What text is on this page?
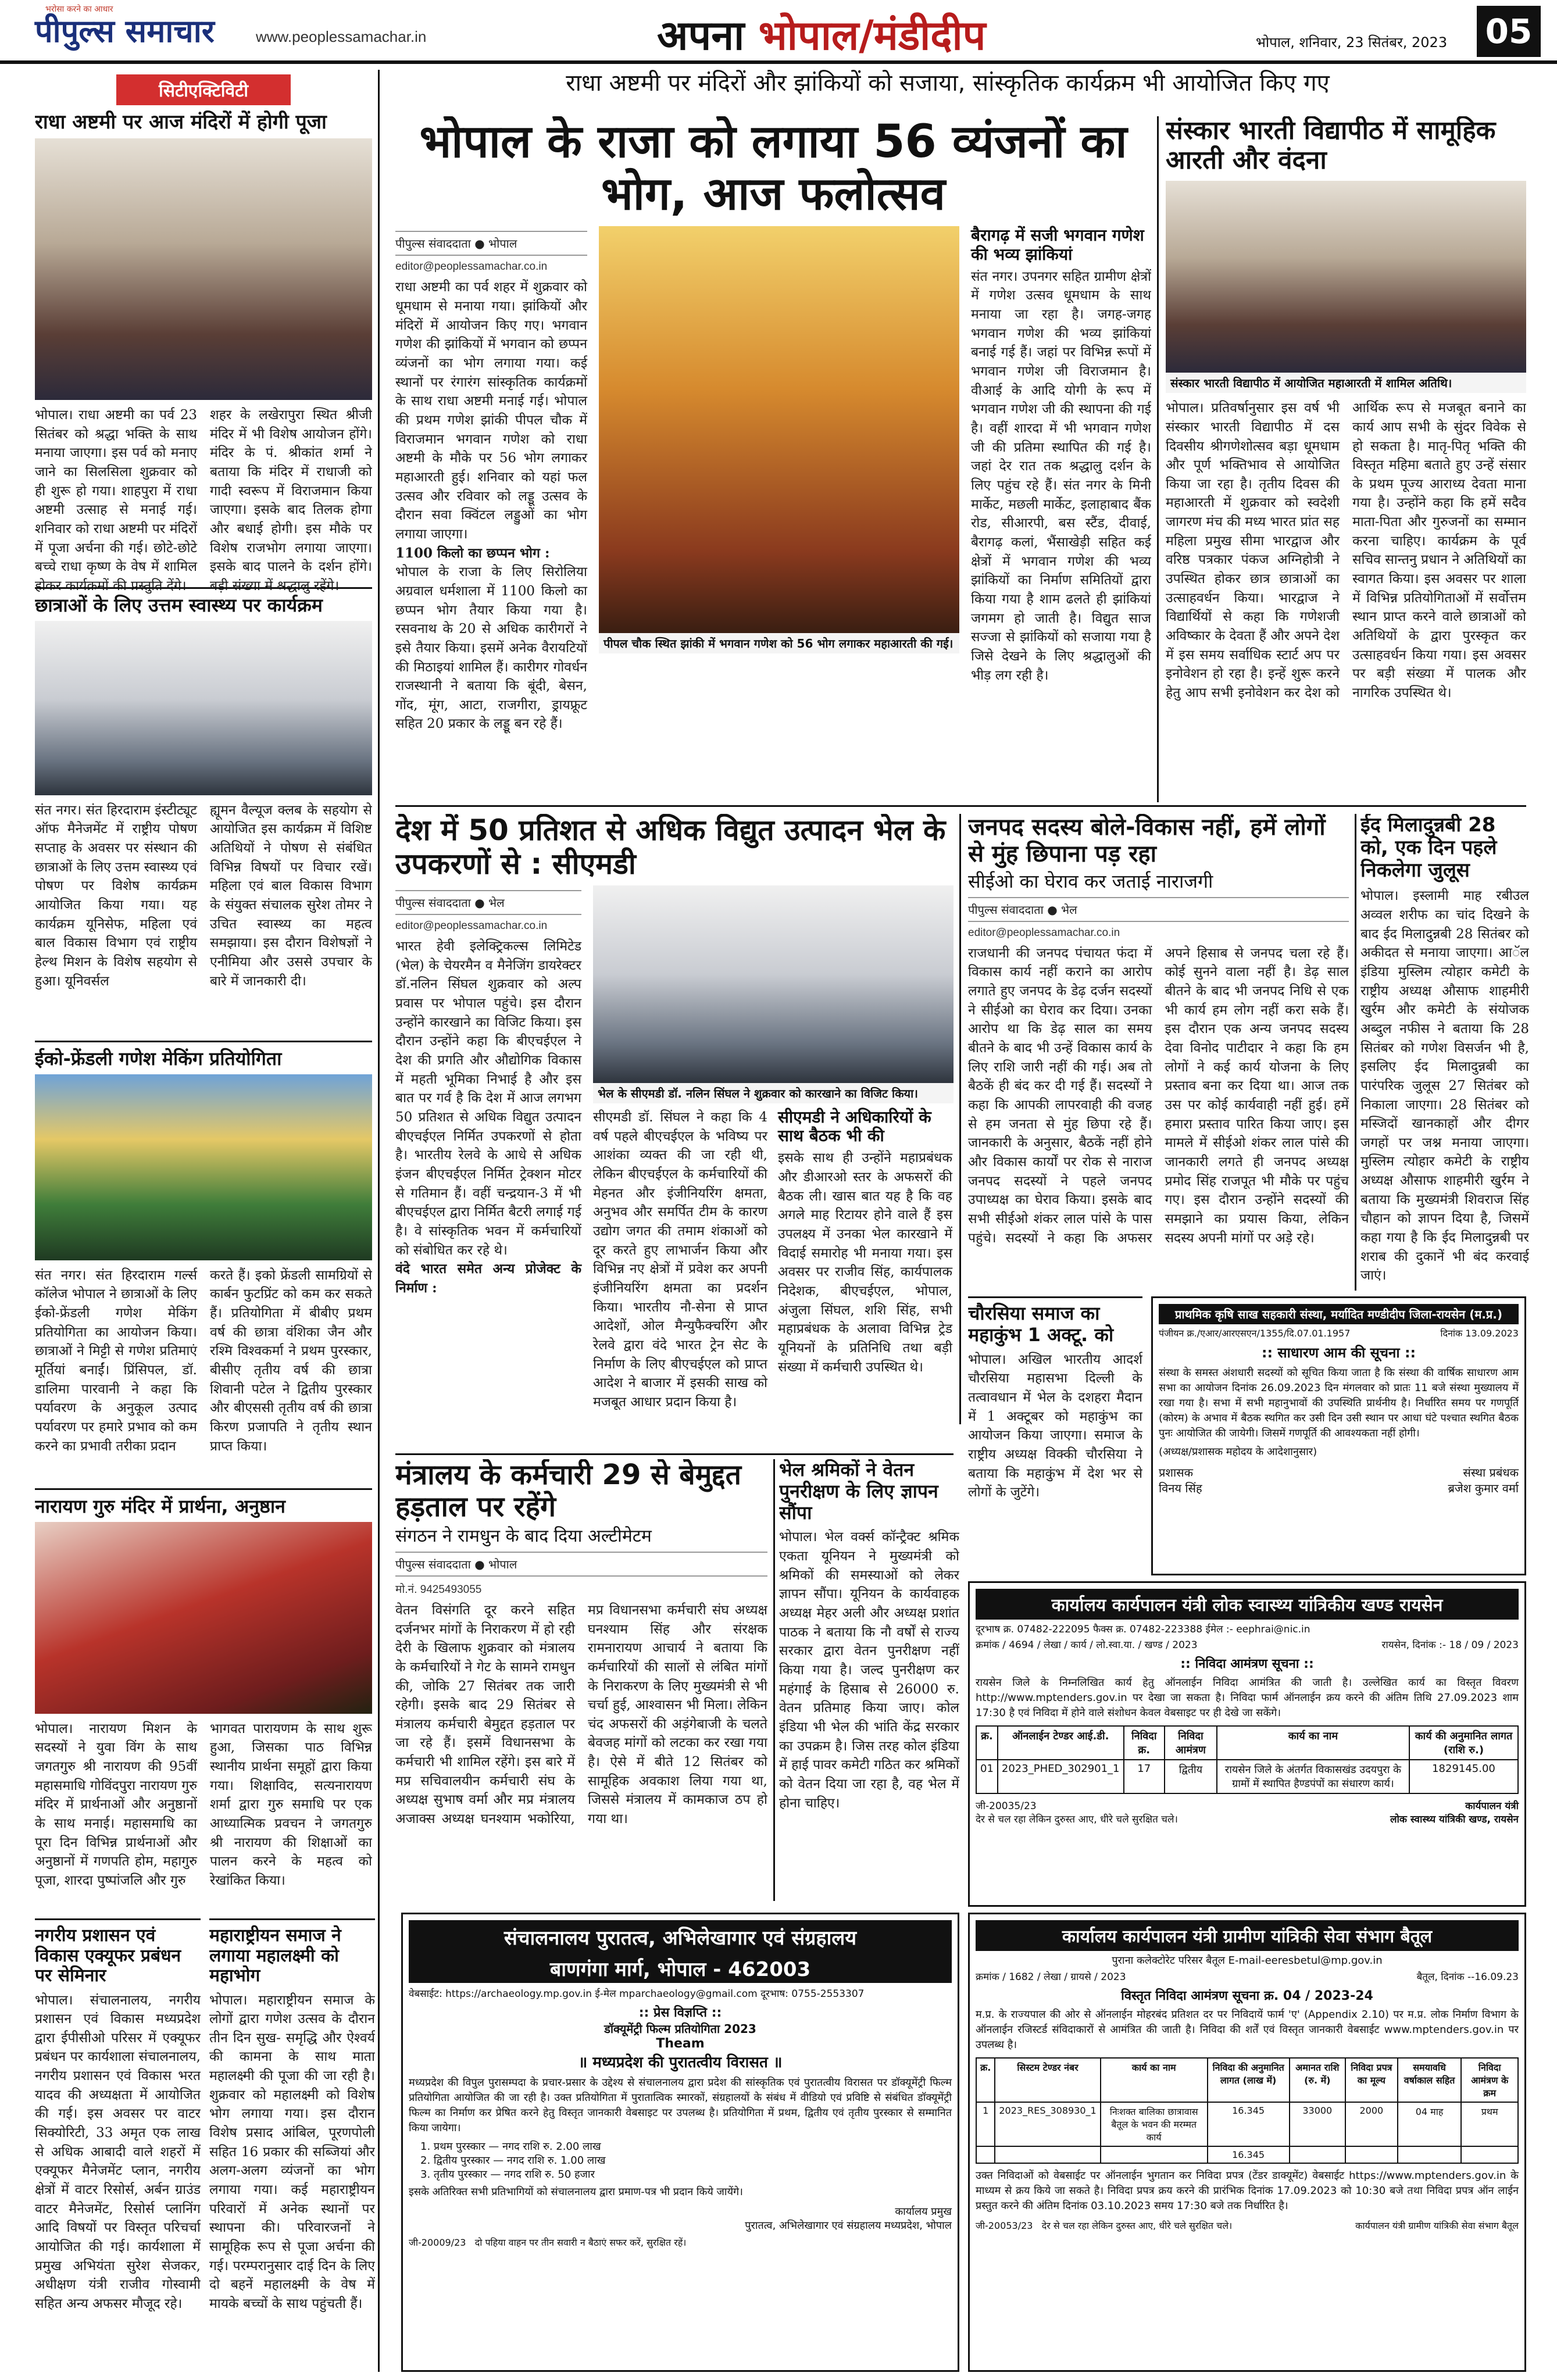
भरोसा करने का आधार
पीपुल्स समाचार	www.peoplessamachar.in	अपना भोपाल/मंडीदीप	भोपाल, शनिवार, 23 सितंबर, 2023 05
सिटीएक्टिविटी
राधा अष्टमी पर आज मंदिरों में होगी पूजा

भोपाल। राधा अष्टमी का पर्व 23 सितंबर को श्रद्धा भक्ति के साथ मनाया जाएगा। इस पर्व को मनाए जाने का सिलसिला शुक्रवार को ही शुरू हो गया। शाहपुरा में राधा अष्टमी उत्साह से मनाई गई। शनिवार को राधा अष्टमी पर मंदिरों में पूजा अर्चना की गई। छोटे-छोटे बच्चे राधा कृष्ण के वेष में शामिल होकर कार्यक्रमों की प्रस्तुति देंगे।

शहर के लखेरापुरा स्थित श्रीजी मंदिर में भी विशेष आयोजन होंगे। मंदिर के पं. श्रीकांत शर्मा ने बताया कि मंदिर में राधाजी को गादी स्वरूप में विराजमान किया जाएगा। इसके बाद तिलक होगा और बधाई होगी। इस मौके पर विशेष राजभोग लगाया जाएगा। इसके बाद पालने के दर्शन होंगे। बड़ी संख्या में श्रद्धालु रहेंगे।

छात्राओं के लिए उत्तम स्वास्थ्य पर कार्यक्रम

संत नगर। संत हिरदाराम इंस्टीट्यूट ऑफ मैनेजमेंट में राष्ट्रीय पोषण सप्ताह के अवसर पर संस्थान की छात्राओं के लिए उत्तम स्वास्थ्य एवं पोषण पर विशेष कार्यक्रम आयोजित किया गया। यह कार्यक्रम यूनिसेफ, महिला एवं बाल विकास विभाग एवं राष्ट्रीय हेल्थ मिशन के विशेष सहयोग से हुआ। यूनिवर्सल

ह्यूमन वैल्यूज क्लब के सहयोग से आयोजित इस कार्यक्रम में विशिष्ट अतिथियों ने पोषण से संबंधित विभिन्न विषयों पर विचार रखें। महिला एवं बाल विकास विभाग के संयुक्त संचालक सुरेश तोमर ने उचित स्वास्थ्य का महत्व समझाया। इस दौरान विशेषज्ञों ने एनीमिया और उससे उपचार के बारे में जानकारी दी।

ईको-फ्रेंडली गणेश मेकिंग प्रतियोगिता

संत नगर। संत हिरदाराम गर्ल्स कॉलेज भोपाल ने छात्राओं के लिए ईको-फ्रेंडली गणेश मेकिंग प्रतियोगिता का आयोजन किया। छात्राओं ने मिट्टी से गणेश प्रतिमाएं मूर्तियां बनाईं। प्रिंसिपल, डॉ. डालिमा पारवानी ने कहा कि पर्यावरण के अनुकूल उत्पाद पर्यावरण पर हमारे प्रभाव को कम करने का प्रभावी तरीका प्रदान

करते हैं। इको फ्रेंडली सामग्रियों से कार्बन फुटप्रिंट को कम कर सकते हैं। प्रतियोगिता में बीबीए प्रथम वर्ष की छात्रा वंशिका जैन और रश्मि विश्वकर्मा ने प्रथम पुरस्कार, बीसीए तृतीय वर्ष की छात्रा शिवानी पटेल ने द्वितीय पुरस्कार और बीएससी तृतीय वर्ष की छात्रा किरण प्रजापति ने तृतीय स्थान प्राप्त किया।

नारायण गुरु मंदिर में प्रार्थना, अनुष्ठान

भोपाल। नारायण मिशन के सदस्यों ने युवा विंग के साथ जगतगुरु श्री नारायण की 95वीं महासमाधि गोविंदपुरा नारायण गुरु मंदिर में प्रार्थनाओं और अनुष्ठानों के साथ मनाई। महासमाधि का पूरा दिन विभिन्न प्रार्थनाओं और अनुष्ठानों में गणपति होम, महागुरु पूजा, शारदा पुष्पांजलि और गुरु

भागवत पारायणम के साथ शुरू हुआ, जिसका पाठ विभिन्न स्थानीय प्रार्थना समूहों द्वारा किया गया। शिक्षाविद, सत्यनारायण शर्मा द्वारा गुरु समाधि पर एक आध्यात्मिक प्रवचन ने जगतगुरु श्री नारायण की शिक्षाओं का पालन करने के महत्व को रेखांकित किया।

नगरीय प्रशासन एवं विकास एक्यूफर प्रबंधन पर सेमिनार

भोपाल। संचालनालय, नगरीय प्रशासन एवं विकास मध्यप्रदेश द्वारा ईपीसीओ परिसर में एक्यूफर प्रबंधन पर कार्यशाला संचालनालय, नगरीय प्रशासन एवं विकास भरत यादव की अध्यक्षता में आयोजित की गई। इस अवसर पर वाटर सिक्योरिटी, 33 अमृत एक लाख से अधिक आबादी वाले शहरों में एक्यूफर मैनेजमेंट प्लान, नगरीय क्षेत्रों में वाटर रिसोर्स, अर्बन ग्राउंड वाटर मैनेजमेंट, रिसोर्स प्लानिंग आदि विषयों पर विस्तृत परिचर्चा आयोजित की गई। कार्यशाला में प्रमुख अभियंता सुरेश सेजकर, अधीक्षण यंत्री राजीव गोस्वामी सहित अन्य अफसर मौजूद रहे।

महाराष्ट्रीयन समाज ने लगाया महालक्ष्मी को महाभोग

भोपाल। महाराष्ट्रीयन समाज के लोगों द्वारा गणेश उत्सव के दौरान तीन दिन सुख- समृद्धि और ऐश्वर्य की कामना के साथ माता महालक्ष्मी की पूजा की जा रही है। शुक्रवार को महालक्ष्मी को विशेष भोग लगाया गया। इस दौरान विशेष प्रसाद आंबिल, पूरणपोली सहित 16 प्रकार की सब्जियां और अलग-अलग व्यंजनों का भोग लगाया गया। कई महाराष्ट्रीयन परिवारों में अनेक स्थानों पर स्थापना की। परिवारजनों ने सामूहिक रूप से पूजा अर्चना की गई। परम्परानुसार दाई दिन के लिए दो बहनें महालक्ष्मी के वेष में मायके बच्चों के साथ पहुंचती हैं।

राधा अष्टमी पर मंदिरों और झांकियों को सजाया, सांस्कृतिक कार्यक्रम भी आयोजित किए गए
भोपाल के राजा को लगाया 56 व्यंजनों का भोग, आज फलोत्सव
पीपुल्स संवाददाता ● भोपाल
editor@peoplessamachar.co.in

राधा अष्टमी का पर्व शहर में शुक्रवार को धूमधाम से मनाया गया। झांकियों और मंदिरों में आयोजन किए गए। भगवान गणेश की झांकियों में भगवान को छप्पन व्यंजनों का भोग लगाया गया। कई स्थानों पर रंगारंग सांस्कृतिक कार्यक्रमों के साथ राधा अष्टमी मनाई गई। भोपाल की प्रथम गणेश झांकी पीपल चौक में विराजमान भगवान गणेश को राधा अष्टमी के मौके पर 56 भोग लगाकर महाआरती हुई। शनिवार को यहां फल उत्सव और रविवार को लड्डू उत्सव के दौरान सवा क्विंटल लड्डुओं का भोग लगाया जाएगा।

1100 किलो का छप्पन भोग :

भोपाल के राजा के लिए सिरोलिया अग्रवाल धर्मशाला में 1100 किलो का छप्पन भोग तैयार किया गया है। रसवनाथ के 20 से अधिक कारीगरों ने इसे तैयार किया। इसमें अनेक वैरायटियों की मिठाइयां शामिल हैं। कारीगर गोवर्धन राजस्थानी ने बताया कि बूंदी, बेसन, गोंद, मूंग, आटा, राजगीरा, ड्रायफ्रूट सहित 20 प्रकार के लड्डू बन रहे हैं।

पीपल चौक स्थित झांकी में भगवान गणेश को 56 भोग लगाकर महाआरती की गई।
बैरागढ़ में सजी भगवान गणेश की भव्य झांकियां

संत नगर। उपनगर सहित ग्रामीण क्षेत्रों में गणेश उत्सव धूमधाम के साथ मनाया जा रहा है। जगह-जगह भगवान गणेश की भव्य झांकियां बनाई गई हैं। जहां पर विभिन्न रूपों में भगवान गणेश जी विराजमान है। वीआई के आदि योगी के रूप में भगवान गणेश जी की स्थापना की गई है। वहीं शारदा में भी भगवान गणेश जी की प्रतिमा स्थापित की गई है। जहां देर रात तक श्रद्धालु दर्शन के लिए पहुंच रहे हैं। संत नगर के मिनी मार्केट, मछली मार्केट, इलाहाबाद बैंक रोड, सीआरपी, बस स्टैंड, दीवाई, बैरागढ़ कलां, भैंसाखेड़ी सहित कई क्षेत्रों में भगवान गणेश की भव्य झांकियों का निर्माण समितियों द्वारा किया गया है शाम ढलते ही झांकियां जगमग हो जाती है। विद्युत साज सज्जा से झांकियों को सजाया गया है जिसे देखने के लिए श्रद्धालुओं की भीड़ लग रही है।

संस्कार भारती विद्यापीठ में सामूहिक आरती और वंदना
संस्कार भारती विद्यापीठ में आयोजित महाआरती में शामिल अतिथि।

भोपाल। प्रतिवर्षानुसार इस वर्ष भी संस्कार भारती विद्यापीठ में दस दिवसीय श्रीगणेशोत्सव बड़ा धूमधाम और पूर्ण भक्तिभाव से आयोजित किया जा रहा है। तृतीय दिवस की महाआरती में शुक्रवार को स्वदेशी जागरण मंच की मध्य भारत प्रांत सह महिला प्रमुख सीमा भारद्वाज और वरिष्ठ पत्रकार पंकज अग्निहोत्री ने उपस्थित होकर छात्र छात्राओं का उत्साहवर्धन किया। भारद्वाज ने विद्यार्थियों से कहा कि गणेशजी अविष्कार के देवता हैं और अपने देश में इस समय सर्वाधिक स्टार्ट अप पर इनोवेशन हो रहा है। इन्हें शुरू करने हेतु आप सभी इनोवेशन कर देश को आर्थिक रूप से मजबूत बनाने का कार्य आप सभी के सुंदर विवेक से हो सकता है। मातृ-पितृ भक्ति की विस्तृत महिमा बताते हुए उन्हें संसार के प्रथम पूज्य आराध्य देवता माना गया है। उन्होंने कहा कि हमें सदैव माता-पिता और गुरुजनों का सम्मान करना चाहिए। कार्यक्रम के पूर्व सचिव सान्तनु प्रधान ने अतिथियों का स्वागत किया। इस अवसर पर शाला में विभिन्न प्रतियोगिताओं में सर्वोत्तम स्थान प्राप्त करने वाले छात्राओं को अतिथियों के द्वारा पुरस्कृत कर उत्साहवर्धन किया गया। इस अवसर पर बड़ी संख्या में पालक और नागरिक उपस्थित थे।

देश में 50 प्रतिशत से अधिक विद्युत उत्पादन भेल के उपकरणों से : सीएमडी
पीपुल्स संवाददाता ● भेल
editor@peoplessamachar.co.in

भारत हेवी इलेक्ट्रिकल्स लिमिटेड (भेल) के चेयरमैन व मैनेजिंग डायरेक्टर डॉ.नलिन सिंघल शुक्रवार को अल्प प्रवास पर भोपाल पहुंचे। इस दौरान उन्होंने कारखाने का विजिट किया। इस दौरान उन्होंने कहा कि बीएचईएल ने देश की प्रगति और औद्योगिक विकास में महती भूमिका निभाई है और इस बात पर गर्व है कि देश में आज लगभग 50 प्रतिशत से अधिक विद्युत उत्पादन बीएचईएल निर्मित उपकरणों से होता है। भारतीय रेलवे के आधे से अधिक इंजन बीएचईएल निर्मित ट्रेक्शन मोटर से गतिमान हैं। वहीं चन्द्रयान-3 में भी बीएचईएल द्वारा निर्मित बैटरी लगाई गई है। वे सांस्कृतिक भवन में कर्मचारियों को संबोधित कर रहे थे।

वंदे भारत समेत अन्य प्रोजेक्ट के निर्माण :

भेल के सीएमडी डॉ. नलिन सिंघल ने शुक्रवार को कारखाने का विजिट किया।

सीएमडी डॉ. सिंघल ने कहा कि 4 वर्ष पहले बीएचईएल के भविष्य पर आशंका व्यक्त की जा रही थी, लेकिन बीएचईएल के कर्मचारियों की मेहनत और इंजीनियरिंग क्षमता, अनुभव और समर्पित टीम के कारण उद्योग जगत की तमाम शंकाओं को दूर करते हुए लाभार्जन किया और विभिन्न नए क्षेत्रों में प्रवेश कर अपनी इंजीनियरिंग क्षमता का प्रदर्शन किया। भारतीय नौ-सेना से प्राप्त आदेशों, ओल मैन्युफैक्चरिंग और रेलवे द्वारा वंदे भारत ट्रेन सेट के निर्माण के लिए बीएचईएल को प्राप्त आदेश ने बाजार में इसकी साख को मजबूत आधार प्रदान किया है।

सीएमडी ने अधिकारियों के साथ बैठक भी की

इसके साथ ही उन्होंने महाप्रबंधक और डीआरओ स्तर के अफसरों की बैठक ली। खास बात यह है कि वह अगले माह रिटायर होने वाले हैं इस उपलक्ष्य में उनका भेल कारखाने में विदाई समारोह भी मनाया गया। इस अवसर पर राजीव सिंह, कार्यपालक निदेशक, बीएचईएल, भोपाल, अंजुला सिंघल, शशि सिंह, सभी महाप्रबंधक के अलावा विभिन्न ट्रेड यूनियनों के प्रतिनिधि तथा बड़ी संख्या में कर्मचारी उपस्थित थे।

जनपद सदस्य बोले-विकास नहीं, हमें लोगों से मुंह छिपाना पड़ रहा
सीईओ का घेराव कर जताई नाराजगी
पीपुल्स संवाददाता ● भेल
editor@peoplessamachar.co.in

राजधानी की जनपद पंचायत फंदा में विकास कार्य नहीं कराने का आरोप लगाते हुए जनपद के डेढ़ दर्जन सदस्यों ने सीईओ का घेराव कर दिया। उनका आरोप था कि डेढ़ साल का समय बीतने के बाद भी उन्हें विकास कार्य के लिए राशि जारी नहीं की गई। अब तो बैठकें ही बंद कर दी गई हैं। सदस्यों ने कहा कि आपकी लापरवाही की वजह से हम जनता से मुंह छिपा रहे हैं। जानकारी के अनुसार, बैठकें नहीं होने और विकास कार्यों पर रोक से नाराज जनपद सदस्यों ने पहले जनपद उपाध्यक्ष का घेराव किया। इसके बाद सभी सीईओ शंकर लाल पांसे के पास पहुंचे। सदस्यों ने कहा कि अफसर अपने हिसाब से जनपद चला रहे हैं। कोई सुनने वाला नहीं है। डेढ़ साल बीतने के बाद भी जनपद निधि से एक भी कार्य हम लोग नहीं करा सके हैं। इस दौरान एक अन्य जनपद सदस्य देवा विनोद पाटीदार ने कहा कि हम लोगों ने कई कार्य योजना के लिए प्रस्ताव बना कर दिया था। आज तक उस पर कोई कार्यवाही नहीं हुई। हमें हमारा प्रस्ताव पारित किया जाए। इस मामले में सीईओ शंकर लाल पांसे की जानकारी लगते ही जनपद अध्यक्ष प्रमोद सिंह राजपूत भी मौके पर पहुंच गए। इस दौरान उन्होंने सदस्यों की समझाने का प्रयास किया, लेकिन सदस्य अपनी मांगों पर अड़े रहे।

ईद मिलादुन्नबी 28 को, एक दिन पहले निकलेगा जुलूस

भोपाल। इस्लामी माह रबीउल अव्वल शरीफ का चांद दिखने के बाद ईद मिलादुन्नबी 28 सितंबर को अकीदत से मनाया जाएगा। आॅल इंडिया मुस्लिम त्योहार कमेटी के राष्ट्रीय अध्यक्ष औसाफ शाहमीरी खुर्रम और कमेटी के संयोजक अब्दुल नफीस ने बताया कि 28 सितंबर को गणेश विसर्जन भी है, इसलिए ईद मिलादुन्नबी का पारंपरिक जुलूस 27 सितंबर को निकाला जाएगा। 28 सितंबर को मस्जिदों खानकाहों और दीगर जगहों पर जश्न मनाया जाएगा। मुस्लिम त्योहार कमेटी के राष्ट्रीय अध्यक्ष औसाफ शाहमीरी खुर्रम ने बताया कि मुख्यमंत्री शिवराज सिंह चौहान को ज्ञापन दिया है, जिसमें कहा गया है कि ईद मिलादुन्नबी पर शराब की दुकानें भी बंद करवाई जाएं।

चौरसिया समाज का महाकुंभ 1 अक्टू. को

भोपाल। अखिल भारतीय आदर्श चौरसिया महासभा दिल्ली के तत्वावधान में भेल के दशहरा मैदान में 1 अक्टूबर को महाकुंभ का आयोजन किया जाएगा। समाज के राष्ट्रीय अध्यक्ष विक्की चौरसिया ने बताया कि महाकुंभ में देश भर से लोगों के जुटेंगे।

प्राथमिक कृषि साख सहकारी संस्था, मर्यादित मण्डीदीप जिला-रायसेन (म.प्र.)
पंजीयन क्र./एआर/आरएसएन/1355/दि.07.01.1957	दिनांक 13.09.2023
:: साधारण आम की सूचना ::
संस्था के समस्त अंशधारी सदस्यों को सूचित किया जाता है कि संस्था की वार्षिक साधारण आम सभा का आयोजन दिनांक 26.09.2023 दिन मंगलवार को प्रातः 11 बजे संस्था मुख्यालय में रखा गया है। सभा में सभी महानुभावों की उपस्थिति प्रार्थनीय है। निर्धारित समय पर गणपूर्ति (कोरम) के अभाव में बैठक स्थगित कर उसी दिन उसी स्थान पर आधा घंटे पश्चात स्थगित बैठक पुनः आयोजित की जायेगी। जिसमें गणपूर्ति की आवश्यकता नहीं होगी।
(अध्यक्ष/प्रशासक महोदय के आदेशानुसार)
प्रशासक
विनय सिंह
संस्था प्रबंधक
ब्रजेश कुमार वर्मा
मंत्रालय के कर्मचारी 29 से बेमुद्दत हड़ताल पर रहेंगे
संगठन ने रामधुन के बाद दिया अल्टीमेटम
पीपुल्स संवाददाता ● भोपाल
मो.नं. 9425493055

वेतन विसंगति दूर करने सहित दर्जनभर मांगों के निराकरण में हो रही देरी के खिलाफ शुक्रवार को मंत्रालय के कर्मचारियों ने गेट के सामने रामधुन की, जोकि 27 सितंबर तक जारी रहेगी। इसके बाद 29 सितंबर से मंत्रालय कर्मचारी बेमुद्दत हड़ताल पर जा रहे हैं। इसमें विधानसभा के कर्मचारी भी शामिल रहेंगे। इस बारे में मप्र सचिवालयीन कर्मचारी संघ के अध्यक्ष सुभाष वर्मा और मप्र मंत्रालय अजाक्स अध्यक्ष घनश्याम भकोरिया, मप्र विधानसभा कर्मचारी संघ अध्यक्ष घनश्याम सिंह और संरक्षक रामनारायण आचार्य ने बताया कि कर्मचारियों की सालों से लंबित मांगों के निराकरण के लिए मुख्यमंत्री से भी चर्चा हुई, आश्वासन भी मिला। लेकिन चंद अफसरों की अड़ंगेबाजी के चलते बेवजह मांगों को लटका कर रखा गया है। ऐसे में बीते 12 सितंबर को सामूहिक अवकाश लिया गया था, जिससे मंत्रालय में कामकाज ठप हो गया था।

भेल श्रमिकों ने वेतन पुनरीक्षण के लिए ज्ञापन सौंपा

भोपाल। भेल वर्क्स कॉन्ट्रैक्ट श्रमिक एकता यूनियन ने मुख्यमंत्री को श्रमिकों की समस्याओं को लेकर ज्ञापन सौंपा। यूनियन के कार्यवाहक अध्यक्ष मेहर अली और अध्यक्ष प्रशांत पाठक ने बताया कि नौ वर्षों से राज्य सरकार द्वारा वेतन पुनरीक्षण नहीं किया गया है। जल्द पुनरीक्षण कर महंगाई के हिसाब से 26000 रु. वेतन प्रतिमाह किया जाए। कोल इंडिया भी भेल की भांति केंद्र सरकार का उपक्रम है। जिस तरह कोल इंडिया में हाई पावर कमेटी गठित कर श्रमिकों को वेतन दिया जा रहा है, वह भेल में होना चाहिए।

कार्यालय कार्यपालन यंत्री लोक स्वास्थ्य यांत्रिकीय खण्ड रायसेन
दूरभाष क्र. 07482-222095 फैक्स क्र. 07482-223388 ईमेल :- eephrai@nic.in
क्रमांक / 4694 / लेखा / कार्य / लो.स्वा.या. / खण्ड / 2023	रायसेन, दिनांक :- 18 / 09 / 2023
:: निविदा आमंत्रण सूचना ::
रायसेन जिले के निम्नलिखित कार्य हेतु ऑनलाईन निविदा आमंत्रित की जाती है। उल्लेखित कार्य का विस्तृत विवरण http://www.mptenders.gov.in पर देखा जा सकता है। निविदा फार्म ऑनलाईन क्रय करने की अंतिम तिथि 27.09.2023 शाम 17:30 है एवं निविदा में होने वाले संशोधन केवल वेबसाइट पर ही देखे जा सकेंगे।
क्र.	ऑनलाईन टेण्डर आई.डी.	निविदा क्र.	निविदा आमंत्रण	कार्य का नाम	कार्य की अनुमानित लागत (राशि रु.)
01	2023_PHED_302901_1	17	द्वितीय	रायसेन जिले के अंतर्गत विकासखंड उदयपुरा के ग्रामों में स्थापित हैण्डपंपों का संधारण कार्य।	1829145.00
जी-20035/23
देर से चल रहा लेकिन दुरुस्त आए, धीरे चले सुरक्षित चले।
कार्यपालन यंत्री
लोक स्वास्थ्य यांत्रिकी खण्ड, रायसेन
संचालनालय पुरातत्व, अभिलेखागार एवं संग्रहालय
बाणगंगा मार्ग, भोपाल - 462003
वेबसाईट: https://archaeology.mp.gov.in ई-मेल mparchaeology@gmail.com दूरभाष: 0755-2553307
:: प्रेस विज्ञप्ति ::
डॉक्यूमेंट्री फिल्म प्रतियोगिता 2023
Theam
॥ मध्यप्रदेश की पुरातत्वीय विरासत ॥
मध्यप्रदेश की विपुल पुरासम्पदा के प्रचार-प्रसार के उद्देश्य से संचालनालय द्वारा प्रदेश की सांस्कृतिक एवं पुरातत्वीय विरासत पर डॉक्यूमेंट्री फिल्म प्रतियोगिता आयोजित की जा रही है। उक्त प्रतियोगिता में पुरातात्विक स्मारकों, संग्रहालयों के संबंध में वीडियो एवं प्रविष्टि से संबंधित डॉक्यूमेंट्री फिल्म का निर्माण कर प्रेषित करने हेतु विस्तृत जानकारी वेबसाइट पर उपलब्ध है। प्रतियोगिता में प्रथम, द्वितीय एवं तृतीय पुरस्कार से सम्मानित किया जायेगा।
1. प्रथम पुरस्कार — नगद राशि रु. 2.00 लाख
2. द्वितीय पुरस्कार — नगद राशि रु. 1.00 लाख
3. तृतीय पुरस्कार — नगद राशि रु. 50 हजार
इसके अतिरिक्त सभी प्रतिभागियों को संचालनालय द्वारा प्रमाण-पत्र भी प्रदान किये जायेंगे।
कार्यालय प्रमुख
पुरातत्व, अभिलेखागार एवं संग्रहालय मध्यप्रदेश, भोपाल
जी-20009/23 दो पहिया वाहन पर तीन सवारी न बैठाएं सफर करें, सुरक्षित रहें।
कार्यालय कार्यपालन यंत्री ग्रामीण यांत्रिकी सेवा संभाग बैतूल
पुराना कलेक्टोरेट परिसर बैतूल E-mail-eeresbetul@mp.gov.in
क्रमांक / 1682 / लेखा / ग्रायसे / 2023	बैतूल, दिनांक --16.09.23
विस्तृत निविदा आमंत्रण सूचना क्र. 04 / 2023-24
म.प्र. के राज्यपाल की ओर से ऑनलाईन मोहरबंद प्रतिशत दर पर निविदायें फार्म 'ए' (Appendix 2.10) पर म.प्र. लोक निर्माण विभाग के ऑनलाईन रजिस्टर्ड संविदाकारों से आमंत्रित की जाती है। निविदा की शर्तें एवं विस्तृत जानकारी वेबसाईट www.mptenders.gov.in पर उपलब्ध है।
क्र.	सिस्टम टेण्डर नंबर	कार्य का नाम	निविदा की अनुमानित लागत (लाख में)	अमानत राशि (रु. में)	निविदा प्रपत्र का मूल्य	समयावधि वर्षाकाल सहित	निविदा आमंत्रण के क्रम
1	2023_RES_308930_1	निःशक्त बालिका छात्रावास बैतूल के भवन की मरम्मत कार्य	16.345	33000	2000	04 माह	प्रथम
			16.345				
उक्त निविदाओं को वेबसाईट पर ऑनलाईन भुगतान कर निविदा प्रपत्र (टेंडर डाक्यूमेंट) वेबसाईट https://www.mptenders.gov.in के माध्यम से क्रय किये जा सकते है। निविदा प्रपत्र क्रय करने की प्रारंभिक दिनांक 17.09.2023 को 10:30 बजे तथा निविदा प्रपत्र ऑन लाईन प्रस्तुत करने की अंतिम दिनांक 03.10.2023 समय 17:30 बजे तक निर्धारित है।
जी-20053/23 देर से चल रहा लेकिन दुरुस्त आए, धीरे चले सुरक्षित चले।	कार्यपालन यंत्री ग्रामीण यांत्रिकी सेवा संभाग बैतूल
